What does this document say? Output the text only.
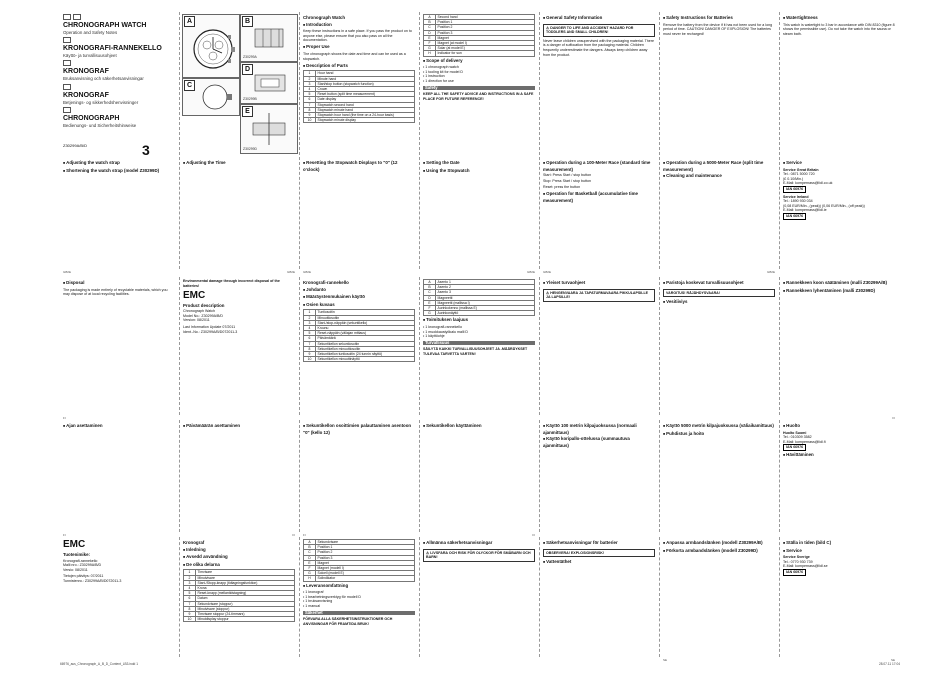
CHRONOGRAPH WATCH
Operation and Safety Notes
KRONOGRAFI-RANNEKELLO
Käyttö- ja turvallisuusohjeet
KRONOGRAF
Bruksanvisning och säkerhetsanvisningar
KRONOGRAF
Betjenings- og sikkerhedshenvisninger
CHRONOGRAPH
Bedienungs- und Sicherheitshinweise
Z30299A/B/D	3
A	B
Z30299A
C
D
Z30299B
E
Z30299D
Chronograph Watch
■Introduction
Keep these instructions in a safe place. If you pass the product on to anyone else, please ensure that you also pass on all the documentation.
■Proper Use
The chronograph shows the date and time and can be used as a stopwatch.
■Description of Parts
1	Hour hand
2	Minute hand
3	Start/stop button (stopwatch function)
4	Crown
5	Reset button (split time measurement)
6	Date display
7	Stopwatch second hand
8	Stopwatch minute hand
9	Stopwatch hour hand (the time on a 24-hour basis)
10	Stopwatch minute display
A	Second hand
B	Position 1
C	Position 2
D	Position 3
E	Magnet
F	Magnet (at model I)
G	Solar (at model E)
H	Indicator for sun
■Scope of delivery
• 1 chronograph watch
• 1 tooling kit for model D
• 1 instruction
• 1 direction for use
Safety
KEEP ALL THE SAFETY ADVICE AND INSTRUCTIONS IN A SAFE PLACE FOR FUTURE REFERENCE!
■General Safety Information
⚠ DANGER TO LIFE AND ACCIDENT HAZARD FOR TODDLERS AND SMALL CHILDREN!
Never leave children unsupervised with the packaging material. There is a danger of suffocation from the packaging material. Children frequently underestimate the dangers. Always keep children away from the product.
■Safety Instructions for Batteries
Remove the battery from the device if it has not been used for a long period of time. CAUTION! DANGER OF EXPLOSION! The batteries must never be recharged!
■Watertightness
This watch is watertight to 3 bar in accordance with DIN 8310 (figure 8 shows the permissible use). Do not take the watch into the sauna or steam bath.
■Adjusting the watch strap
■Shortening the watch strap (model Z30299D)
GB/IE
■Adjusting the Time
GB/IE
■Resetting the Stopwatch Displays to "0" (12 o'clock)
GB/IE
■Setting the Date
■Using the Stopwatch
GB/IE
■Operation during a 100-Meter Race (standard time measurement)
Start: Press Start / stop button
Stop: Press Start / stop button
Reset: press the button
■Operation for Basketball (accumulative time measurement)
GB/IE
■Operation during a 5000-Meter Race (split time measurement)
■Cleaning and maintenance
GB/IE
■Service
Service Great Britain
Tel.: 0871 5000 720
(£ 0.10/Min.)
E-Mail: kompernass@lidl.co.uk
IAN 66976
Service Ireland
Tel.: 1890 930 034
(0,08 EUR/Min., (peak)) (0,06 EUR/Min., (off peak))
E-Mail: kompernass@lidl.ie
IAN 66976
■Disposal
The packaging is made entirely of recyclable materials, which you may dispose of at local recycling facilities.
FI
Environmental damage through incorrect disposal of the batteries!
EMC
Product description
Chronograph Watch
Model No.: Z30299A/B/D
Version: 08/2011
Last Information Update 07/2011
Ident.-No.: Z30299A/B/D072011-3
Kronografi-rannekello
■Johdanto
■Määräystenmukainen käyttö
■Osien kuvaus
1	Tuntiosoitin
2	Minuuttiosoitin
3	Start-/stop-näppäin (sekuntikello)
4	Kruunu
5	Reset-näppäin (väliajan mittaus)
6	Päivämäärä
7	Sekuntikellon sekuntiosoitin
8	Sekuntikellon minuuttiosoitin
9	Sekuntikellon tuntiosoitin (24 tunnin näyttö)
10	Sekuntikellon minuuttinäyttö
A	Asento 1
B	Asento 2
C	Asento 3
D	Magneetti
E	Magneetti (mallissa I)
F	Aurinkokenno (mallissa E)
G	Aurinkonäyttö
■Toimituksen laajuus
• 1 kronografi-rannekello
• 1 muokkaustyökalu malli D
• 1 käyttöohje
Turvallisuus
SÄILYTÄ KAIKKI TURVALLISUUSOHJEET JA -MÄÄRÄYKSET TULEVAA TARVETTA VARTEN!
■Yleiset turvaohjeet
⚠ HENGENVAARA JA TAPATURMAVAARA PIKKULAPSILLE JA LAPSILLE!
■Paristoja koskevat turvallisuusohjeet
VAROITUS! RÄJÄHDYSVAARA!
■Vesitiiviys
■Rannekkeen koon säätäminen (malli Z30299A/B)
■Rannekkeen lyhentäminen (malli Z30299D)
FI
■Ajan asettaminen
FI
■Päivämäärän asettaminen
FI
■Sekuntikellon osoittimien palauttaminen asentoon "0" (kello 12)
FI
■Sekuntikellon käyttäminen
FI
■Käyttö 100 metrin kilpajuoksussa (normaali ajanmittaus)
■Käyttö koripallo-ottelussa (summautuva ajanmittaus)
■Käyttö 5000 metrin kilpajuoksussa (väliaikamittaus)
■Puhdistus ja hoito
■Huolto
Huolto Suomi
Tel.: 010309 3582
E-Mail: kompernass@lidl.fi
IAN 66976
■Hävittäminen
EMC
Tuotenimike:
Kronografi-rannekello
Malli nro.: Z30299A/B/D
Versio: 08/2011
Tietojen päivitys: 07/2011
Tunnistenro.: Z30299A/B/D072011-3
Kronograf
■Inledning
■Avsedd användning
■De olika delarna
1	Timvisare
2	Minutvisare
3	Start-/Stopp-knapp (tidtagningsfunktion)
4	Krona
5	Reset-knapp (mellantidstagning)
6	Datum
7	Sekundvisare (stoppur)
8	Minutvisare (stoppur)
9	Timvisare stoppur (24-timmars)
10	Minutdisplay stoppur
A	Sekundvisare
B	Position 1
C	Position 2
D	Position 3
E	Magnet
F	Magnet (modell I)
G	Solcell (modell E)
H	Solindikator
■Leveransomfattning
• 1 kronograf
• 1 bearbetningsverktyg för modell D
• 1 bruksanvisning
• 1 manual
Säkerhet
FÖRVARA ALLA SÄKERHETSINSTRUKTIONER OCH ANVISNINGAR FÖR FRAMTIDA BRUK!
■Allmänna säkerhetsanvisningar
⚠ LIVSFARA OCH RISK FÖR OLYCKOR FÖR SMÅBARN OCH BARN!
■Säkerhetsanvisningar för batterier
OBSERVERA! EXPLOSIONSRISK!
■Vattentäthet
■Anpassa armbandslänken (modell Z30299A/B)
■Förkorta armbandslänken (modell Z30299D)
SE
■Ställa in tiden (bild C)
■Service
Service Sverige
Tel.: 0770 930 739
E-Mail: kompernass@lidl.se
IAN 66976
SE
66976_aus_Chronograph_A_B_D_Content_LB3.indd 1	28.07.11 17:04
